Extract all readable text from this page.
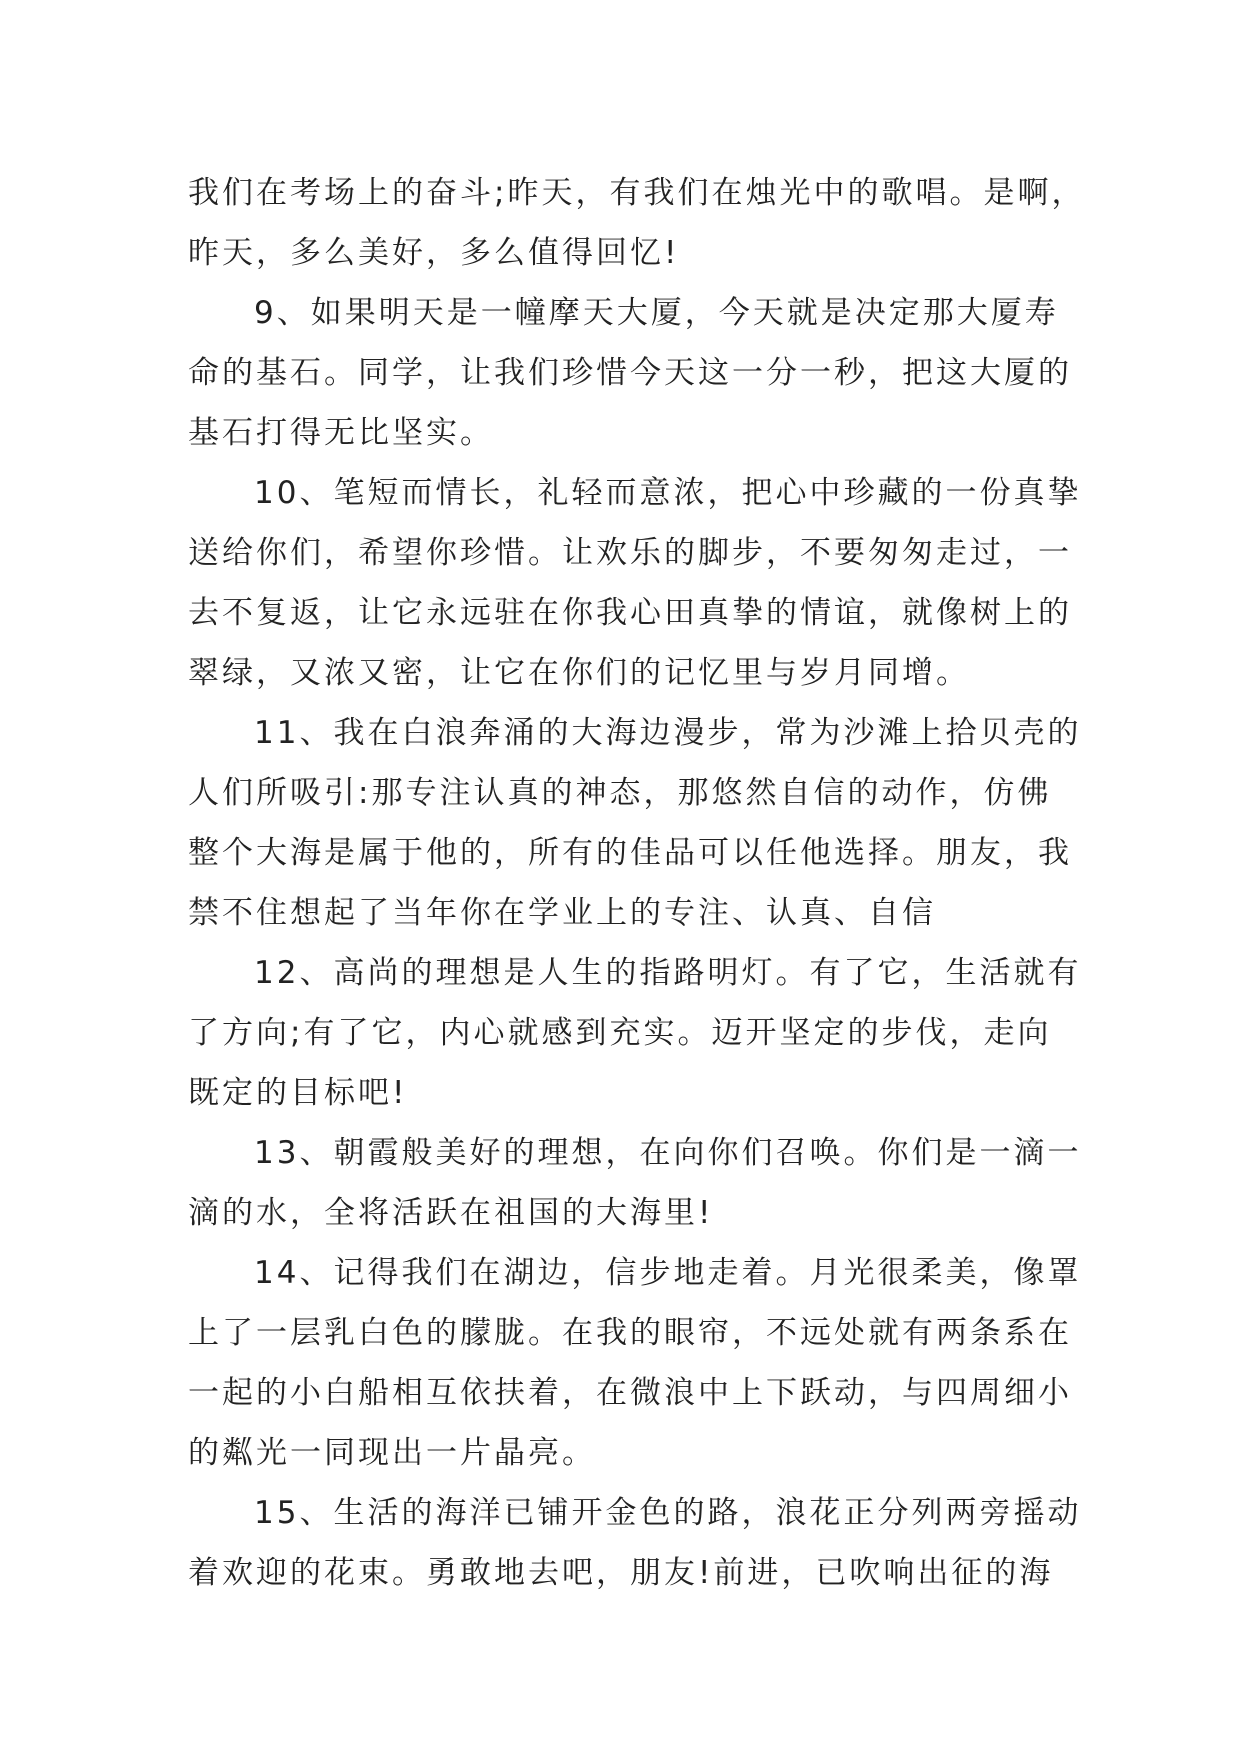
我们在考场上的奋斗;昨天，有我们在烛光中的歌唱。是啊，
昨天，多么美好，多么值得回忆!
9、如果明天是一幢摩天大厦，今天就是决定那大厦寿
命的基石。同学，让我们珍惜今天这一分一秒，把这大厦的
基石打得无比坚实。
10、笔短而情长，礼轻而意浓，把心中珍藏的一份真挚
送给你们，希望你珍惜。让欢乐的脚步，不要匆匆走过，一
去不复返，让它永远驻在你我心田真挚的情谊，就像树上的
翠绿，又浓又密，让它在你们的记忆里与岁月同增。
11、我在白浪奔涌的大海边漫步，常为沙滩上拾贝壳的
人们所吸引:那专注认真的神态，那悠然自信的动作，仿佛
整个大海是属于他的，所有的佳品可以任他选择。朋友，我
禁不住想起了当年你在学业上的专注、认真、自信
12、高尚的理想是人生的指路明灯。有了它，生活就有
了方向;有了它，内心就感到充实。迈开坚定的步伐，走向
既定的目标吧!
13、朝霞般美好的理想，在向你们召唤。你们是一滴一
滴的水，全将活跃在祖国的大海里!
14、记得我们在湖边，信步地走着。月光很柔美，像罩
上了一层乳白色的朦胧。在我的眼帘，不远处就有两条系在
一起的小白船相互依扶着，在微浪中上下跃动，与四周细小
的粼光一同现出一片晶亮。
15、生活的海洋已铺开金色的路，浪花正分列两旁摇动
着欢迎的花束。勇敢地去吧，朋友!前进，已吹响出征的海
